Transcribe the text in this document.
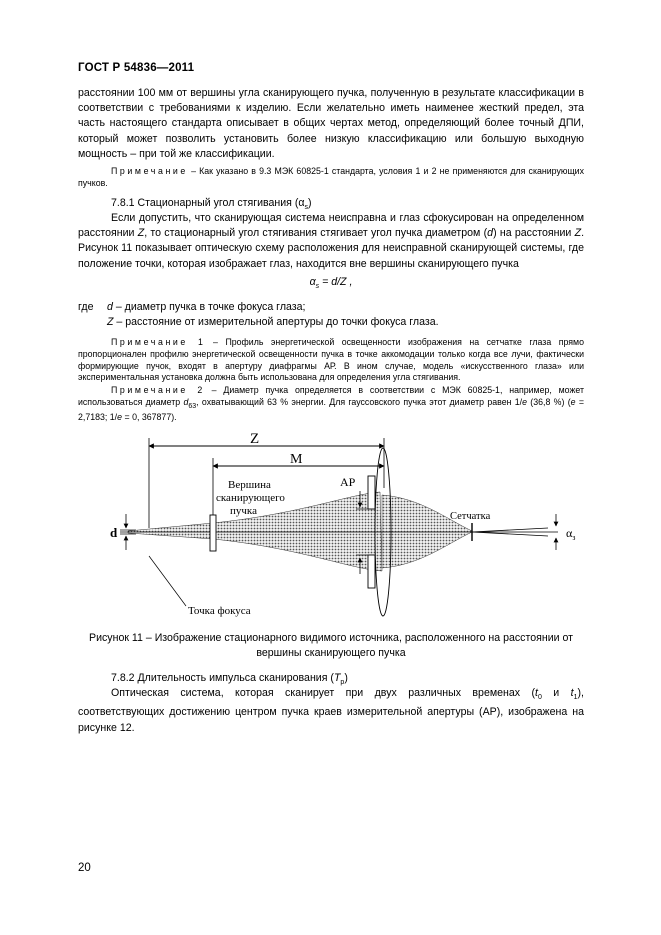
ГОСТ Р 54836—2011
расстоянии 100 мм от вершины угла сканирующего пучка, полученную в результате классификации в соответствии с требованиями к изделию. Если желательно иметь наименее жесткий предел, эта часть настоящего стандарта описывает в общих чертах метод, определяющий более точный ДПИ, который может позволить установить более низкую классификацию или большую выходную мощность – при той же классификации.
Примечание – Как указано в 9.3 МЭК 60825-1 стандарта, условия 1 и 2 не применяются для сканирующих пучков.
7.8.1 Стационарный угол стягивания $(\alpha_s)$
Если допустить, что сканирующая система неисправна и глаз сфокусирован на определенном расстоянии Z, то стационарный угол стягивания стягивает угол пучка диаметром (d) на расстоянии Z. Рисунок 11 показывает оптическую схему расположения для неисправной сканирующей системы, где положение точки, которая изображает глаз, находится вне вершины сканирующего пучка
$\alpha_s = d/Z$ ,
где d – диаметр пучка в точке фокуса глаза;
Z – расстояние от измерительной апертуры до точки фокуса глаза.
Примечание 1 – Профиль энергетической освещенности изображения на сетчатке глаза прямо пропорционален профилю энергетической освещенности пучка в точке аккомодации только когда все лучи, фактически формирующие пучок, входят в апертуру диафрагмы АР. В ином случае, модель «искусственного глаза» или экспериментальная установка должна быть использована для определения угла стягивания.
Примечание 2 – Диаметр пучка определяется в соответствии с МЭК 60825-1, например, может использоваться диаметр $d_{63}$, охватывающий 63 % энергии. Для гауссовского пучка этот диаметр равен 1/e (36,8 %) (e = 2,7183; 1/e = 0, 367877).
Z
M
AP
Сетчатка
$\alpha_з$
d
Вершина сканирующего пучка
Точка фокуса
Рисунок 11 – Изображение стационарного видимого источника, расположенного на расстоянии от
вершины сканирующего пучка
7.8.2 Длительность импульса сканирования $(T_p)$
Оптическая система, которая сканирует при двух различных временах ($t_0$ и $t_1$), соответствующих достижению центром пучка краев измерительной апертуры (АР), изображена на рисунке 12.
20
